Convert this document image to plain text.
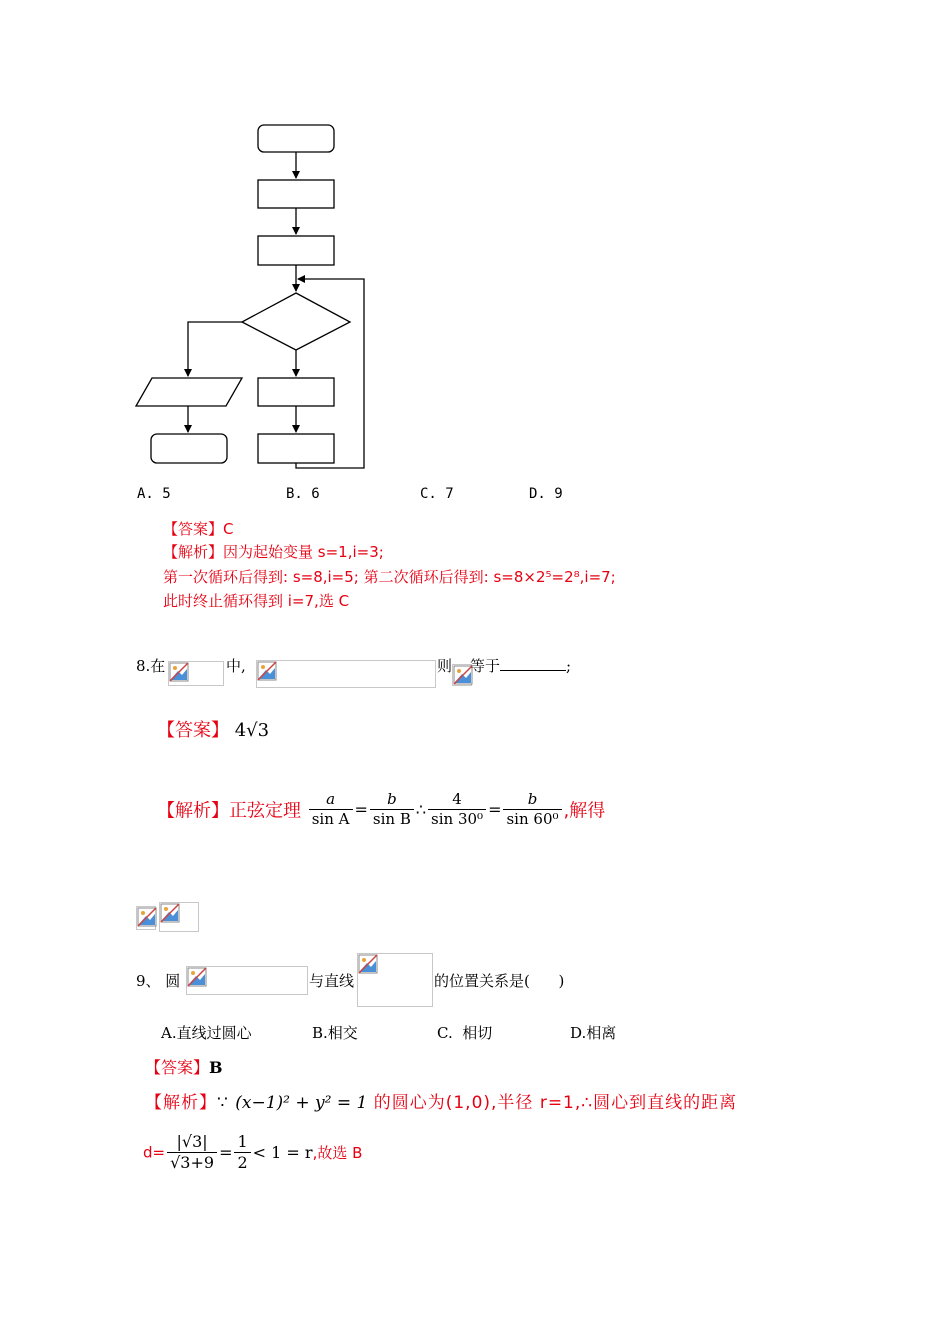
A. 5	B. 6	C. 7	D. 9
【答案】C
【解析】因为起始变量 s=1,i=3;
第一次循环后得到: s=8,i=5; 第二次循环后得到: s=8×2⁵=2⁸,i=7;
此时终止循环得到 i=7,选 C
8.在	中,	则 等于	;
【答案】 4√3
【解析】正弦定理 $\frac{a}{\text{sin A}} = \frac{b}{\text{sin B}}$ ∴ $\frac{4}{\text{sin 30⁰}} = \frac{b}{\text{sin 60⁰}}$ ,解得
9、 圆	与直线	的位置关系是(      )
A.直线过圆心	B.相交	C.  相切	D.相离
【答案】B
【解析】∵ (x−1)² + y² = 1 的圆心为(1,0),半径 r=1,∴圆心到直线的距离
$d= \frac{|√3|}{√3+9} = \frac{1}{2} < 1 = r$,故选 B
